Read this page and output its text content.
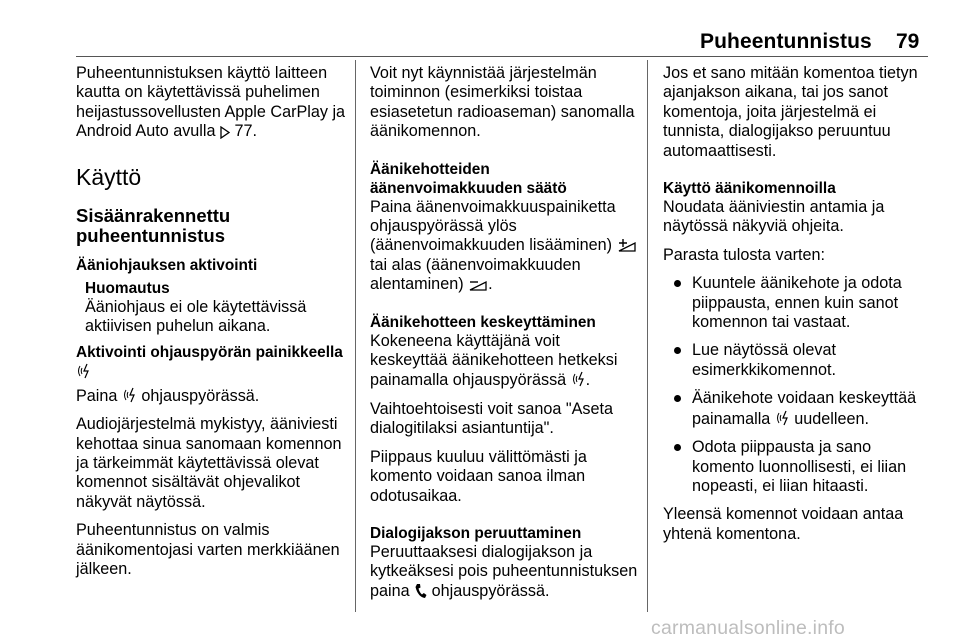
Puheentunnistus 79

Puheentunnistuksen käyttö laitteen kautta on käytettävissä puhelimen heijastussovellusten Apple CarPlay ja Android Auto avulla 77.

Käyttö
Sisäänrakennettu puheentunnistus
Ääniohjauksen aktivointi
Huomautus
Ääniohjaus ei ole käytettävissä aktiivisen puhelun aikana.
Aktivointi ohjauspyörän painikkeella

Paina ohjauspyörässä.

Audiojärjestelmä mykistyy, ääniviesti kehottaa sinua sanomaan komennon ja tärkeimmät käytettävissä olevat komennot sisältävät ohjevalikot näkyvät näytössä.

Puheentunnistus on valmis äänikomentojasi varten merkkiäänen jälkeen.

Voit nyt käynnistää järjestelmän toiminnon (esimerkiksi toistaa esiasetetun radioaseman) sanomalla äänikomennon.

Äänikehotteiden äänenvoimakkuuden säätö

Paina äänenvoimakkuuspainiketta ohjauspyörässä ylös (äänenvoimakkuuden lisääminen)  tai alas (äänenvoimakkuuden alentaminen) .

Äänikehotteen keskeyttäminen

Kokeneena käyttäjänä voit keskeyttää äänikehotteen hetkeksi painamalla ohjauspyörässä .

Vaihtoehtoisesti voit sanoa "Aseta dialogitilaksi asiantuntija".

Piippaus kuuluu välittömästi ja komento voidaan sanoa ilman odotusaikaa.

Dialogijakson peruuttaminen

Peruuttaaksesi dialogijakson ja kytkeäksesi pois puheentunnistuksen paina ohjauspyörässä.

Jos et sano mitään komentoa tietyn ajanjakson aikana, tai jos sanot komentoja, joita järjestelmä ei tunnista, dialogijakso peruuntuu automaattisesti.

Käyttö äänikomennoilla

Noudata ääniviestin antamia ja näytössä näkyviä ohjeita.

Parasta tulosta varten:

Kuuntele äänikehote ja odota piippausta, ennen kuin sanot komennon tai vastaat.
Lue näytössä olevat esimerkkikomennot.
Äänikehote voidaan keskeyttää painamalla uudelleen.
Odota piippausta ja sano komento luonnollisesti, ei liian nopeasti, ei liian hitaasti.

Yleensä komennot voidaan antaa yhtenä komentona.

carmanualsonline.info
